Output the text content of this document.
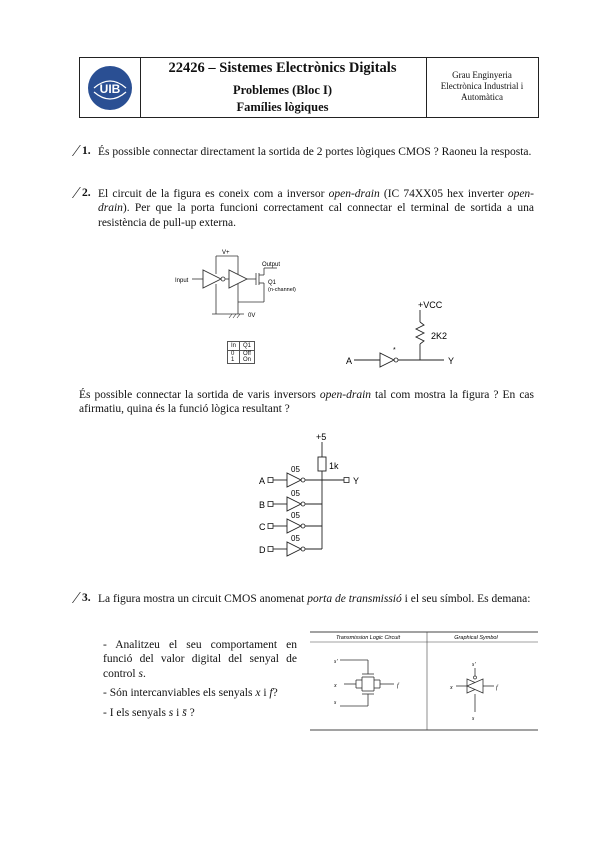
UIB
22426 – Sistemes Electrònics Digitals
Problemes (Bloc I)
Famílies lògiques
Grau Enginyeria
Electrònica Industrial i
Automàtica
⁄ 1. És possible connectar directament la sortida de 2 portes lògiques CMOS ? Raoneu la resposta.
⁄ 2. El circuit de la figura es coneix com a inversor open-drain (IC 74XX05 hex inverter open-drain). Per que la porta funcioni correctament cal connectar el terminal de sortida a una resistència de pull-up externa.
Input
V+
Output
Q1
(n-channel)
0V
In	Q1
0	Off
1	On
+VCC
2K2
A
*
Y
És possible connectar la sortida de varis inversors open-drain tal com mostra la figura ? En cas afirmatiu, quina és la funció lògica resultant ?
+5
1k
Y
A
05
B
05
C
05
D
05
⁄ 3. La figura mostra un circuit CMOS anomenat porta de transmissió i el seu símbol. Es demana:
- Analitzeu el seu comportament en funció del valor digital del senyal de control s.
- Són intercanviables els senyals x i f?
- I els senyals s i s̄ ?
Transmission Logic Circuit	Graphical Symbol
s'
s
x	f
s'
s
x	f
